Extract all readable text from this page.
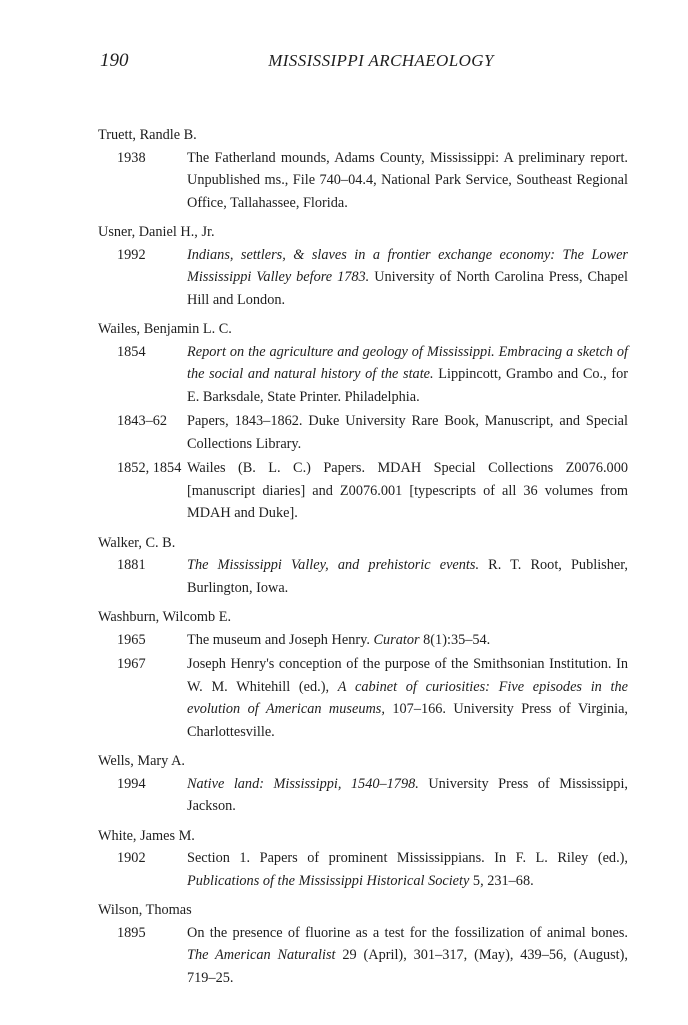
190	MISSISSIPPI ARCHAEOLOGY
Truett, Randle B.
1938	The Fatherland mounds, Adams County, Mississippi: A preliminary report. Unpublished ms., File 740–04.4, National Park Service, Southeast Regional Office, Tallahassee, Florida.
Usner, Daniel H., Jr.
1992	Indians, settlers, & slaves in a frontier exchange economy: The Lower Mississippi Valley before 1783. University of North Carolina Press, Chapel Hill and London.
Wailes, Benjamin L. C.
1854	Report on the agriculture and geology of Mississippi. Embracing a sketch of the social and natural history of the state. Lippincott, Grambo and Co., for E. Barksdale, State Printer. Philadelphia.
1843–62 Papers, 1843–1862. Duke University Rare Book, Manuscript, and Special Collections Library.
1852, 1854 Wailes (B. L. C.) Papers. MDAH Special Collections Z0076.000 [manuscript diaries] and Z0076.001 [typescripts of all 36 volumes from MDAH and Duke].
Walker, C. B.
1881	The Mississippi Valley, and prehistoric events. R. T. Root, Publisher, Burlington, Iowa.
Washburn, Wilcomb E.
1965	The museum and Joseph Henry. Curator 8(1):35–54.
1967	Joseph Henry's conception of the purpose of the Smithsonian Institution. In W. M. Whitehill (ed.), A cabinet of curiosities: Five episodes in the evolution of American museums, 107–166. University Press of Virginia, Charlottesville.
Wells, Mary A.
1994	Native land: Mississippi, 1540–1798. University Press of Mississippi, Jackson.
White, James M.
1902	Section 1. Papers of prominent Mississippians. In F. L. Riley (ed.), Publications of the Mississippi Historical Society 5, 231–68.
Wilson, Thomas
1895	On the presence of fluorine as a test for the fossilization of animal bones. The American Naturalist 29 (April), 301–317, (May), 439–56, (August), 719–25.
